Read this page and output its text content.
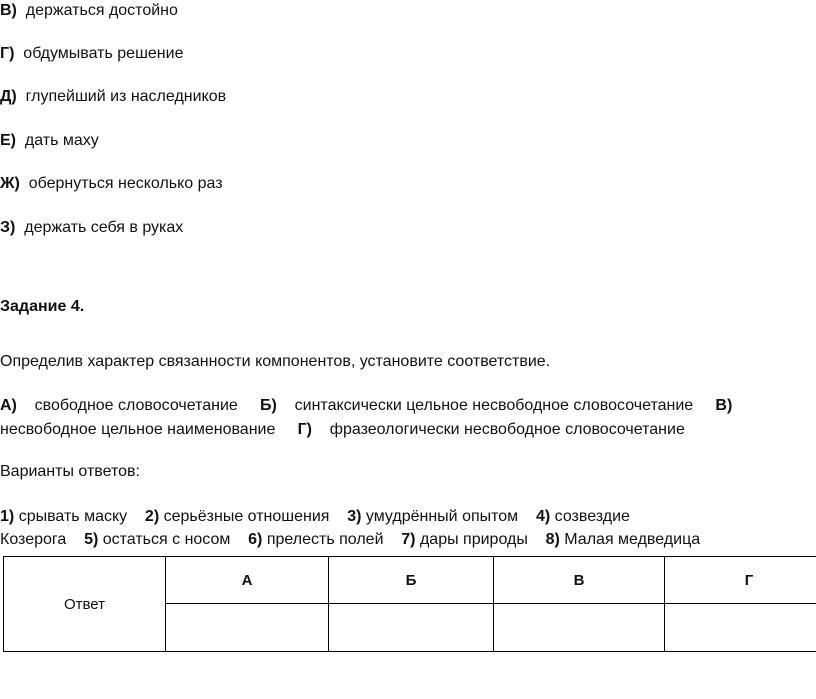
В) держаться достойно
Г) обдумывать решение
Д) глупейший из наследников
Е) дать маху
Ж) обернуться несколько раз
З) держать себя в руках
Задание 4.
Определив характер связанности компонентов, установите соответствие.
А) свободное словосочетание Б) синтаксически цельное несвободное словосочетание В)
несвободное цельное наименование Г) фразеологически несвободное словосочетание
Варианты ответов:
1) срывать маску 2) серьёзные отношения 3) умудрённый опытом 4) созвездие
Козерога 5) остаться с носом 6) прелесть полей 7) дары природы 8) Малая медведица
Ответ	А	Б	В	Г
